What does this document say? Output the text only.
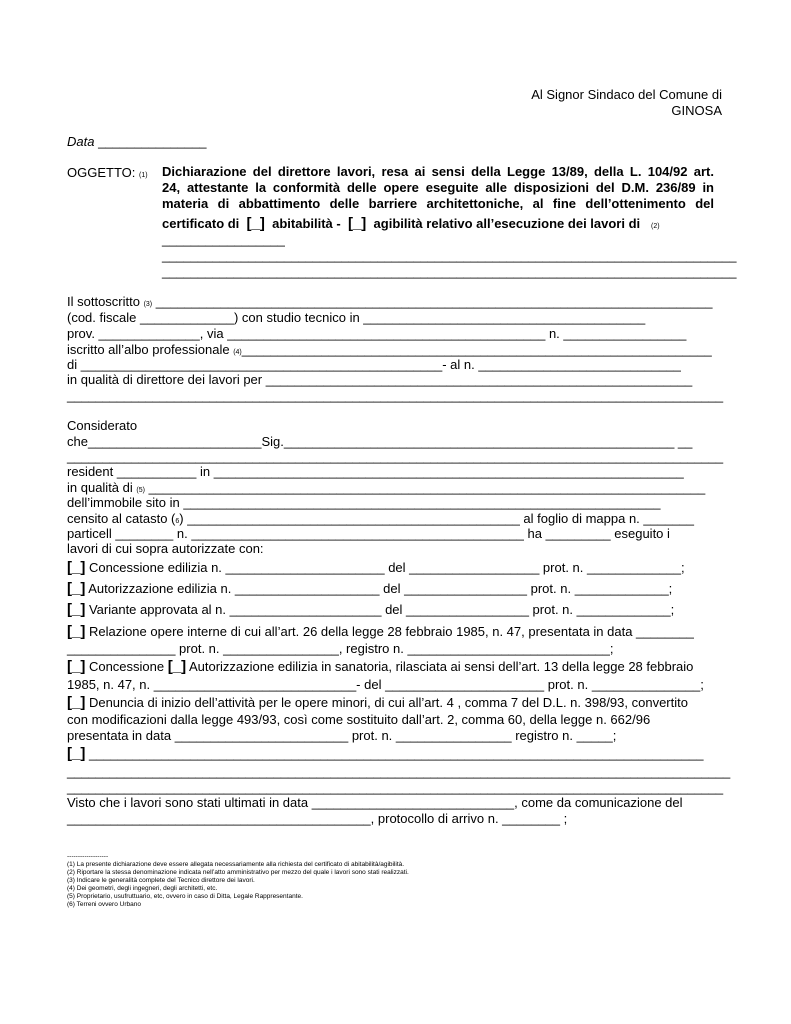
Al Signor Sindaco del Comune di
GINOSA
Data _______________
OGGETTO: (1) Dichiarazione del direttore lavori, resa ai sensi della Legge 13/89, della L. 104/92 art.
24, attestante la conformità delle opere eseguite alle disposizioni del D.M. 236/89 in
materia di abbattimento delle barriere architettoniche, al fine dell’ottenimento del
certificato di [_] abitabilità - [_] agibilità relativo all’esecuzione dei lavori di (2)
_________________
________________________________________________________________________________
________________________________________________________________________________
Il sottoscritto (3) _____________________________________________________________________________
(cod. fiscale _____________) con studio tecnico in _______________________________________
prov. ______________, via ____________________________________________ n. _________________
iscritto all’albo professionale (4)_________________________________________________________________
di __________________________________________________- al n. ____________________________
in qualità di direttore dei lavori per ___________________________________________________________
____________________________________________________________________________________________
Considerato
che________________________Sig.______________________________________________________ __
____________________________________________________________________________________________
resident ___________ in _________________________________________________________________
in qualità di (5) _____________________________________________________________________________
dell’immobile sito in __________________________________________________________________
censito al catasto (6) ______________________________________________ al foglio di mappa n. _______
particell ________ n. ______________________________________________ ha _________ eseguito i
lavori di cui sopra autorizzate con:
[_] Concessione edilizia n. ______________________ del __________________ prot. n. _____________;
[_] Autorizzazione edilizia n. ____________________ del _________________ prot. n. _____________;
[_] Variante approvata al n. _____________________ del _________________ prot. n. _____________;
[_] Relazione opere interne di cui all’art. 26 della legge 28 febbraio 1985, n. 47, presentata in data ________
_______________ prot. n. ________________, registro n. ____________________________;
[_] Concessione [_] Autorizzazione edilizia in sanatoria, rilasciata ai sensi dell’art. 13 della legge 28 febbraio
1985, n. 47, n. ____________________________- del ______________________ prot. n. _______________;
[_] Denuncia di inizio dell’attività per le opere minori, di cui all’art. 4 , comma 7 del D.L. n. 398/93, convertito
con modificazioni dalla legge 493/93, così come sostituito dall’art. 2, comma 60, della legge n. 662/96
presentata in data ________________________ prot. n. ________________ registro n. _____;
[_] _____________________________________________________________________________________
_____________________________________________________________________________________________
____________________________________________________________________________________________
Visto che i lavori sono stati ultimati in data ____________________________, come da comunicazione del
__________________________________________, protocollo di arrivo n. ________ ;
-------------------
(1) La presente dichiarazione deve essere allegata necessariamente alla richiesta del certificato di abitabilità/agibilità.
(2) Riportare la stessa denominazione indicata nell’atto amministrativo per mezzo del quale i lavori sono stati realizzati.
(3) Indicare le generalità complete del Tecnico direttore dei lavori.
(4) Dei geometri, degli ingegneri, degli architetti, etc.
(5) Proprietario, usufruttuario, etc, ovvero in caso di Ditta, Legale Rappresentante.
(6) Terreni ovvero Urbano
